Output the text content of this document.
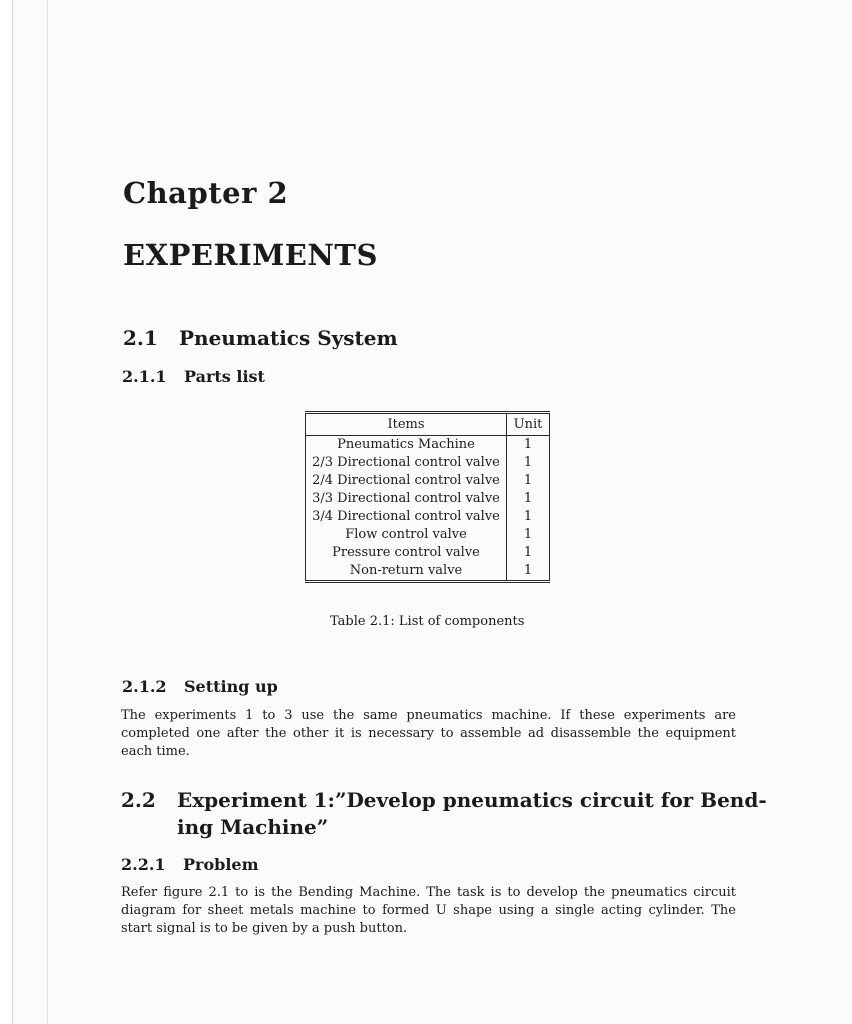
Chapter 2
EXPERIMENTS
2.1 Pneumatics System
2.1.1 Parts list
Items	Unit
Pneumatics Machine	1
2/3 Directional control valve	1
2/4 Directional control valve	1
3/3 Directional control valve	1
3/4 Directional control valve	1
Flow control valve	1
Pressure control valve	1
Non-return valve	1
Table 2.1: List of components
2.1.2 Setting up
The experiments 1 to 3 use the same pneumatics machine. If these experiments are completed one after the other it is necessary to assemble ad disassemble the equipment each time.
2.2 Experiment 1:”Develop pneumatics circuit for Bend-
ing Machine”
2.2.1 Problem
Refer figure 2.1 to is the Bending Machine. The task is to develop the pneumatics circuit diagram for sheet metals machine to formed U shape using a single acting cylinder. The start signal is to be given by a push button.
